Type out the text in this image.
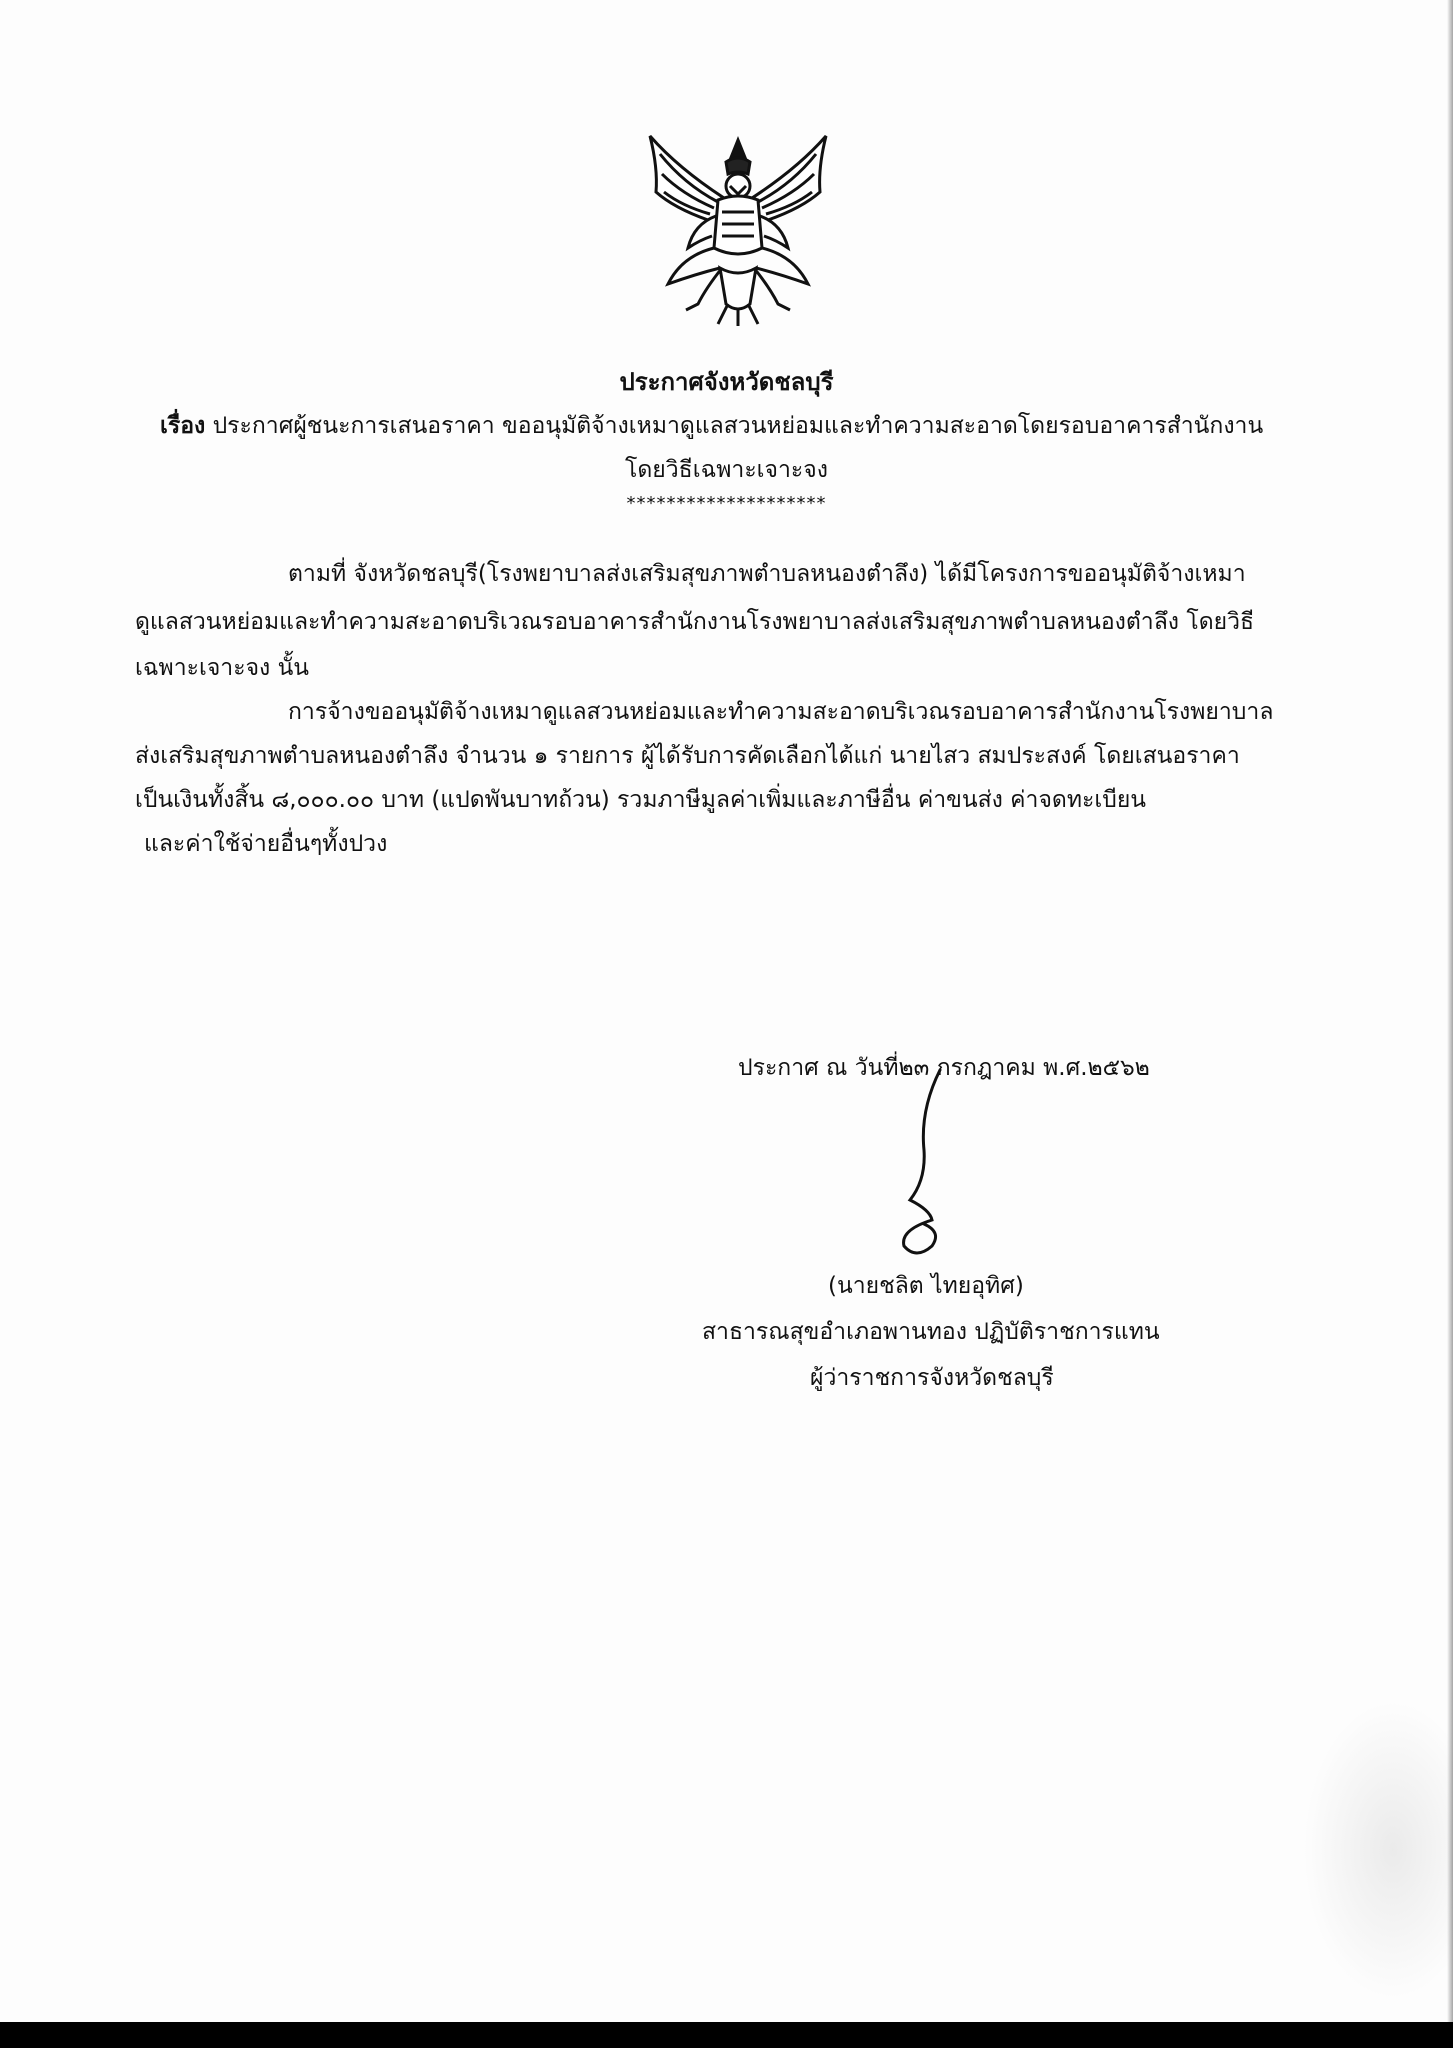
ประกาศจังหวัดชลบุรี
เรื่อง ประกาศผู้ชนะการเสนอราคา ขออนุมัติจ้างเหมาดูแลสวนหย่อมและทำความสะอาดโดยรอบอาคารสำนักงาน
โดยวิธีเฉพาะเจาะจง
********************
ตามที่ จังหวัดชลบุรี(โรงพยาบาลส่งเสริมสุขภาพตำบลหนองตำลึง) ได้มีโครงการขออนุมัติจ้างเหมา
ดูแลสวนหย่อมและทำความสะอาดบริเวณรอบอาคารสำนักงานโรงพยาบาลส่งเสริมสุขภาพตำบลหนองตำลึง โดยวิธี
เฉพาะเจาะจง นั้น
การจ้างขออนุมัติจ้างเหมาดูแลสวนหย่อมและทำความสะอาดบริเวณรอบอาคารสำนักงานโรงพยาบาล
ส่งเสริมสุขภาพตำบลหนองตำลึง จำนวน ๑ รายการ ผู้ได้รับการคัดเลือกได้แก่ นายไสว สมประสงค์ โดยเสนอราคา
เป็นเงินทั้งสิ้น ๘,๐๐๐.๐๐ บาท (แปดพันบาทถ้วน) รวมภาษีมูลค่าเพิ่มและภาษีอื่น ค่าขนส่ง ค่าจดทะเบียน
และค่าใช้จ่ายอื่นๆทั้งปวง
ประกาศ ณ วันที่๒๓ กรกฎาคม พ.ศ.๒๕๖๒
(นายชลิต ไทยอุทิศ)
สาธารณสุขอำเภอพานทอง ปฏิบัติราชการแทน
ผู้ว่าราชการจังหวัดชลบุรี
